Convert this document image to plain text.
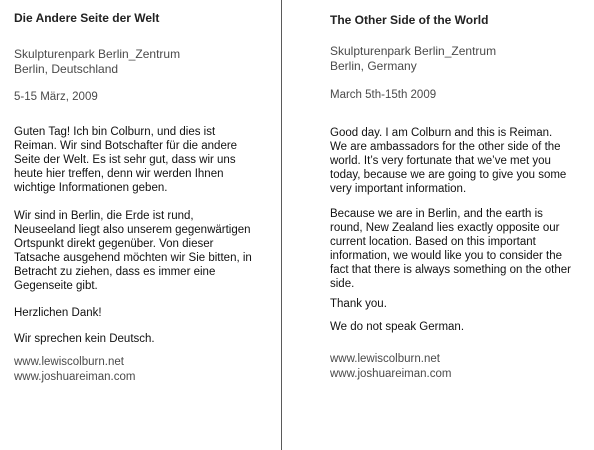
Die Andere Seite der Welt
Skulpturenpark Berlin_Zentrum
Berlin, Deutschland

5-15 März, 2009

Guten Tag! Ich bin Colburn, und dies ist
Reiman. Wir sind Botschafter für die andere
Seite der Welt. Es ist sehr gut, dass wir uns
heute hier treffen, denn wir werden Ihnen
wichtige Informationen geben.

Wir sind in Berlin, die Erde ist rund,
Neuseeland liegt also unserem gegenwärtigen
Ortspunkt direkt gegenüber. Von dieser
Tatsache ausgehend möchten wir Sie bitten, in
Betracht zu ziehen, dass es immer eine
Gegenseite gibt.

Herzlichen Dank!

Wir sprechen kein Deutsch.

www.lewiscolburn.net
www.joshuareiman.com
The Other Side of the World
Skulpturenpark Berlin_Zentrum
Berlin, Germany

March 5th-15th 2009

Good day. I am Colburn and this is Reiman.
We are ambassadors for the other side of the
world. It’s very fortunate that we’ve met you
today, because we are going to give you some
very important information.

Because we are in Berlin, and the earth is
round, New Zealand lies exactly opposite our
current location. Based on this important
information, we would like you to consider the
fact that there is always something on the other
side.

Thank you.

We do not speak German.

www.lewiscolburn.net
www.joshuareiman.com
